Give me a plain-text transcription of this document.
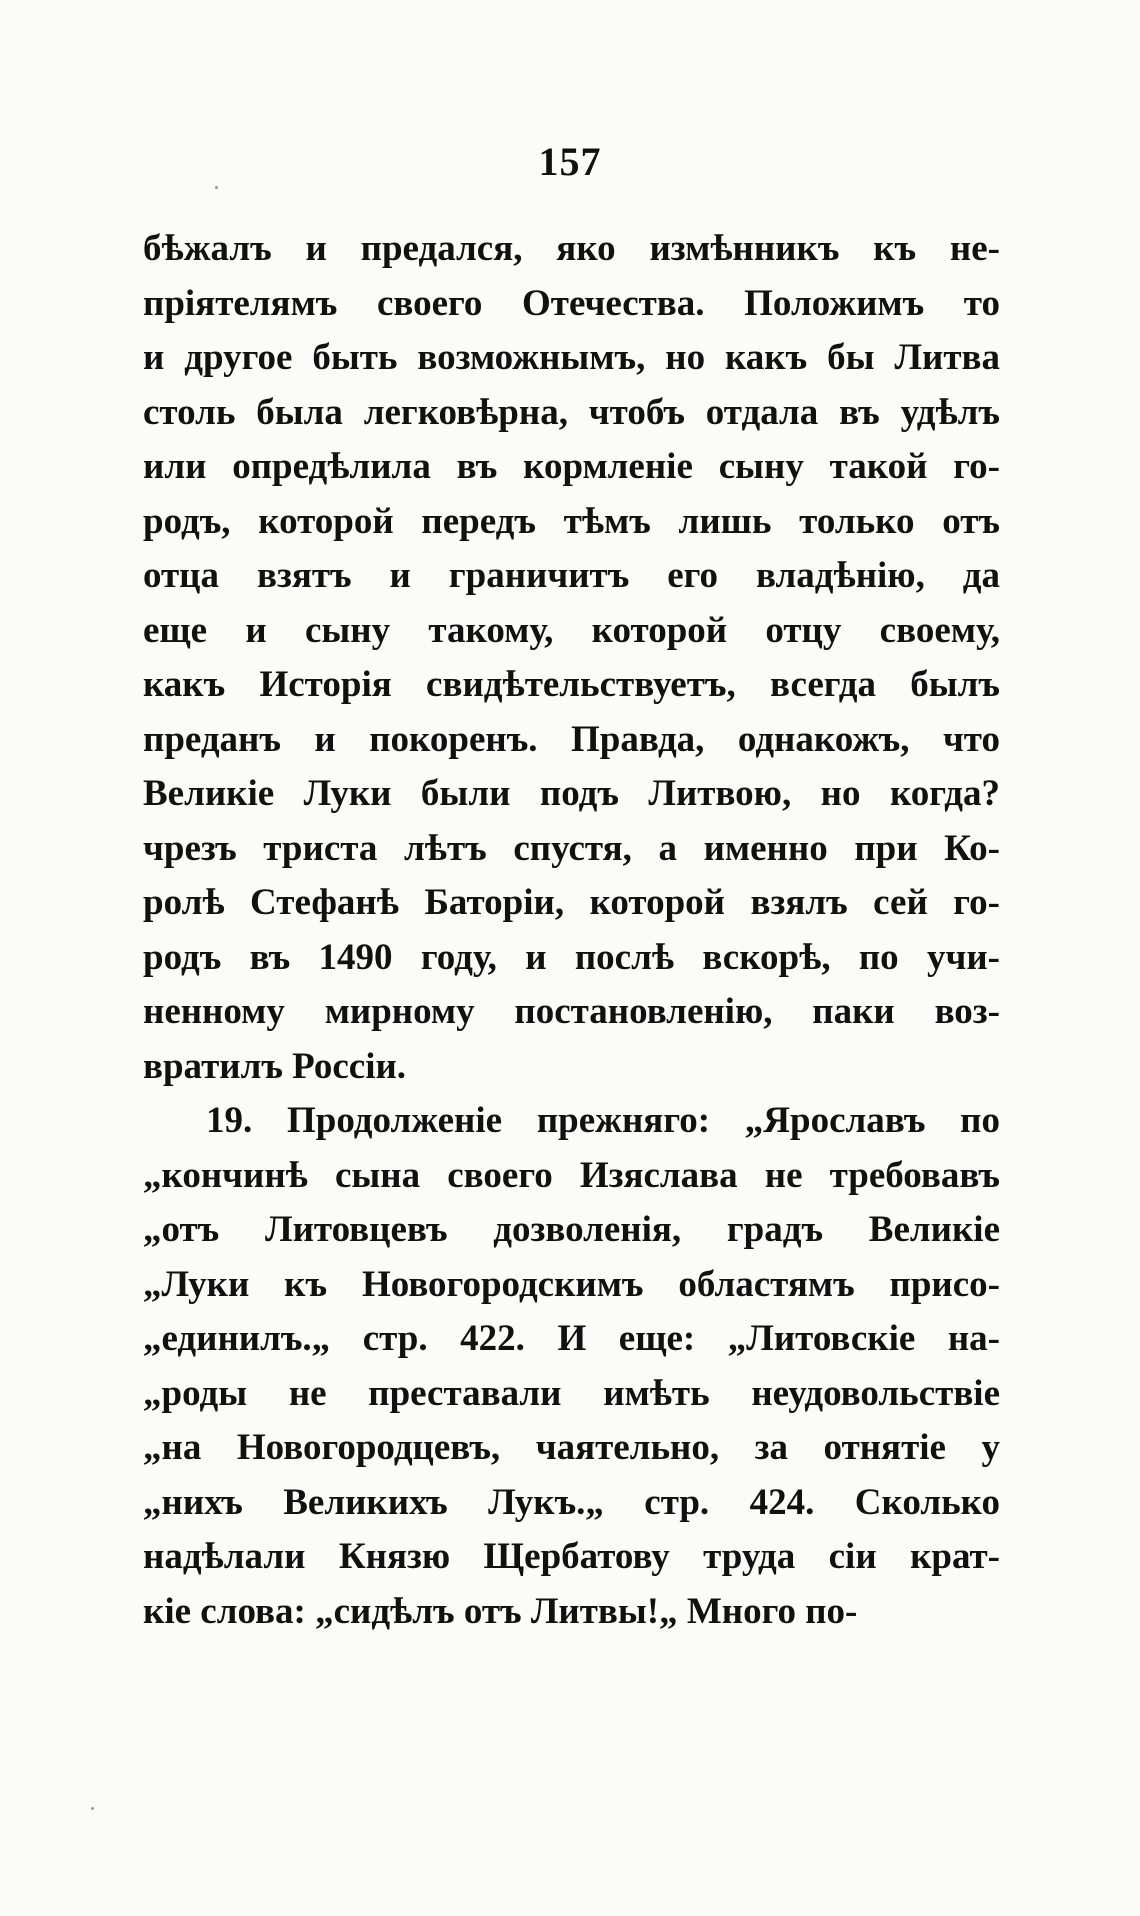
157
бѣжалъ и предался, яко измѣнникъ къ не-
пріятелямъ своего Отечества. Положимъ то
и другое быть возможнымъ, но какъ бы Литва
столь была легковѣрна, чтобъ отдала въ удѣлъ
или опредѣлила въ кормленіе сыну такой го-
родъ, которой передъ тѣмъ лишь только отъ
отца взятъ и граничитъ его владѣнію, да
еще и сыну такому, которой отцу своему,
какъ Исторія свидѣтельствуетъ, всегда былъ
преданъ и покоренъ. Правда, однакожъ, что
Великіе Луки были подъ Литвою, но когда?
чрезъ триста лѣтъ спустя, а именно при Ко-
ролѣ Стефанѣ Баторіи, которой взялъ сей го-
родъ въ 1490 году, и послѣ вскорѣ, по учи-
ненному мирному постановленію, паки воз-
вратилъ Россіи.
19. Продолженіе прежняго: „Ярославъ по
„кончинѣ сына своего Изяслава не требовавъ
„отъ Литовцевъ дозволенія, градъ Великіе
„Луки къ Новогородскимъ областямъ присо-
„единилъ.„ стр. 422. И еще: „Литовскіе на-
„роды не преставали имѣть неудовольствіе
„на Новогородцевъ, чаятельно, за отнятіе у
„нихъ Великихъ Лукъ.„ стр. 424. Сколько
надѣлали Князю Щербатову труда сіи крат-
кіе слова: „сидѣлъ отъ Литвы!„ Много по-
